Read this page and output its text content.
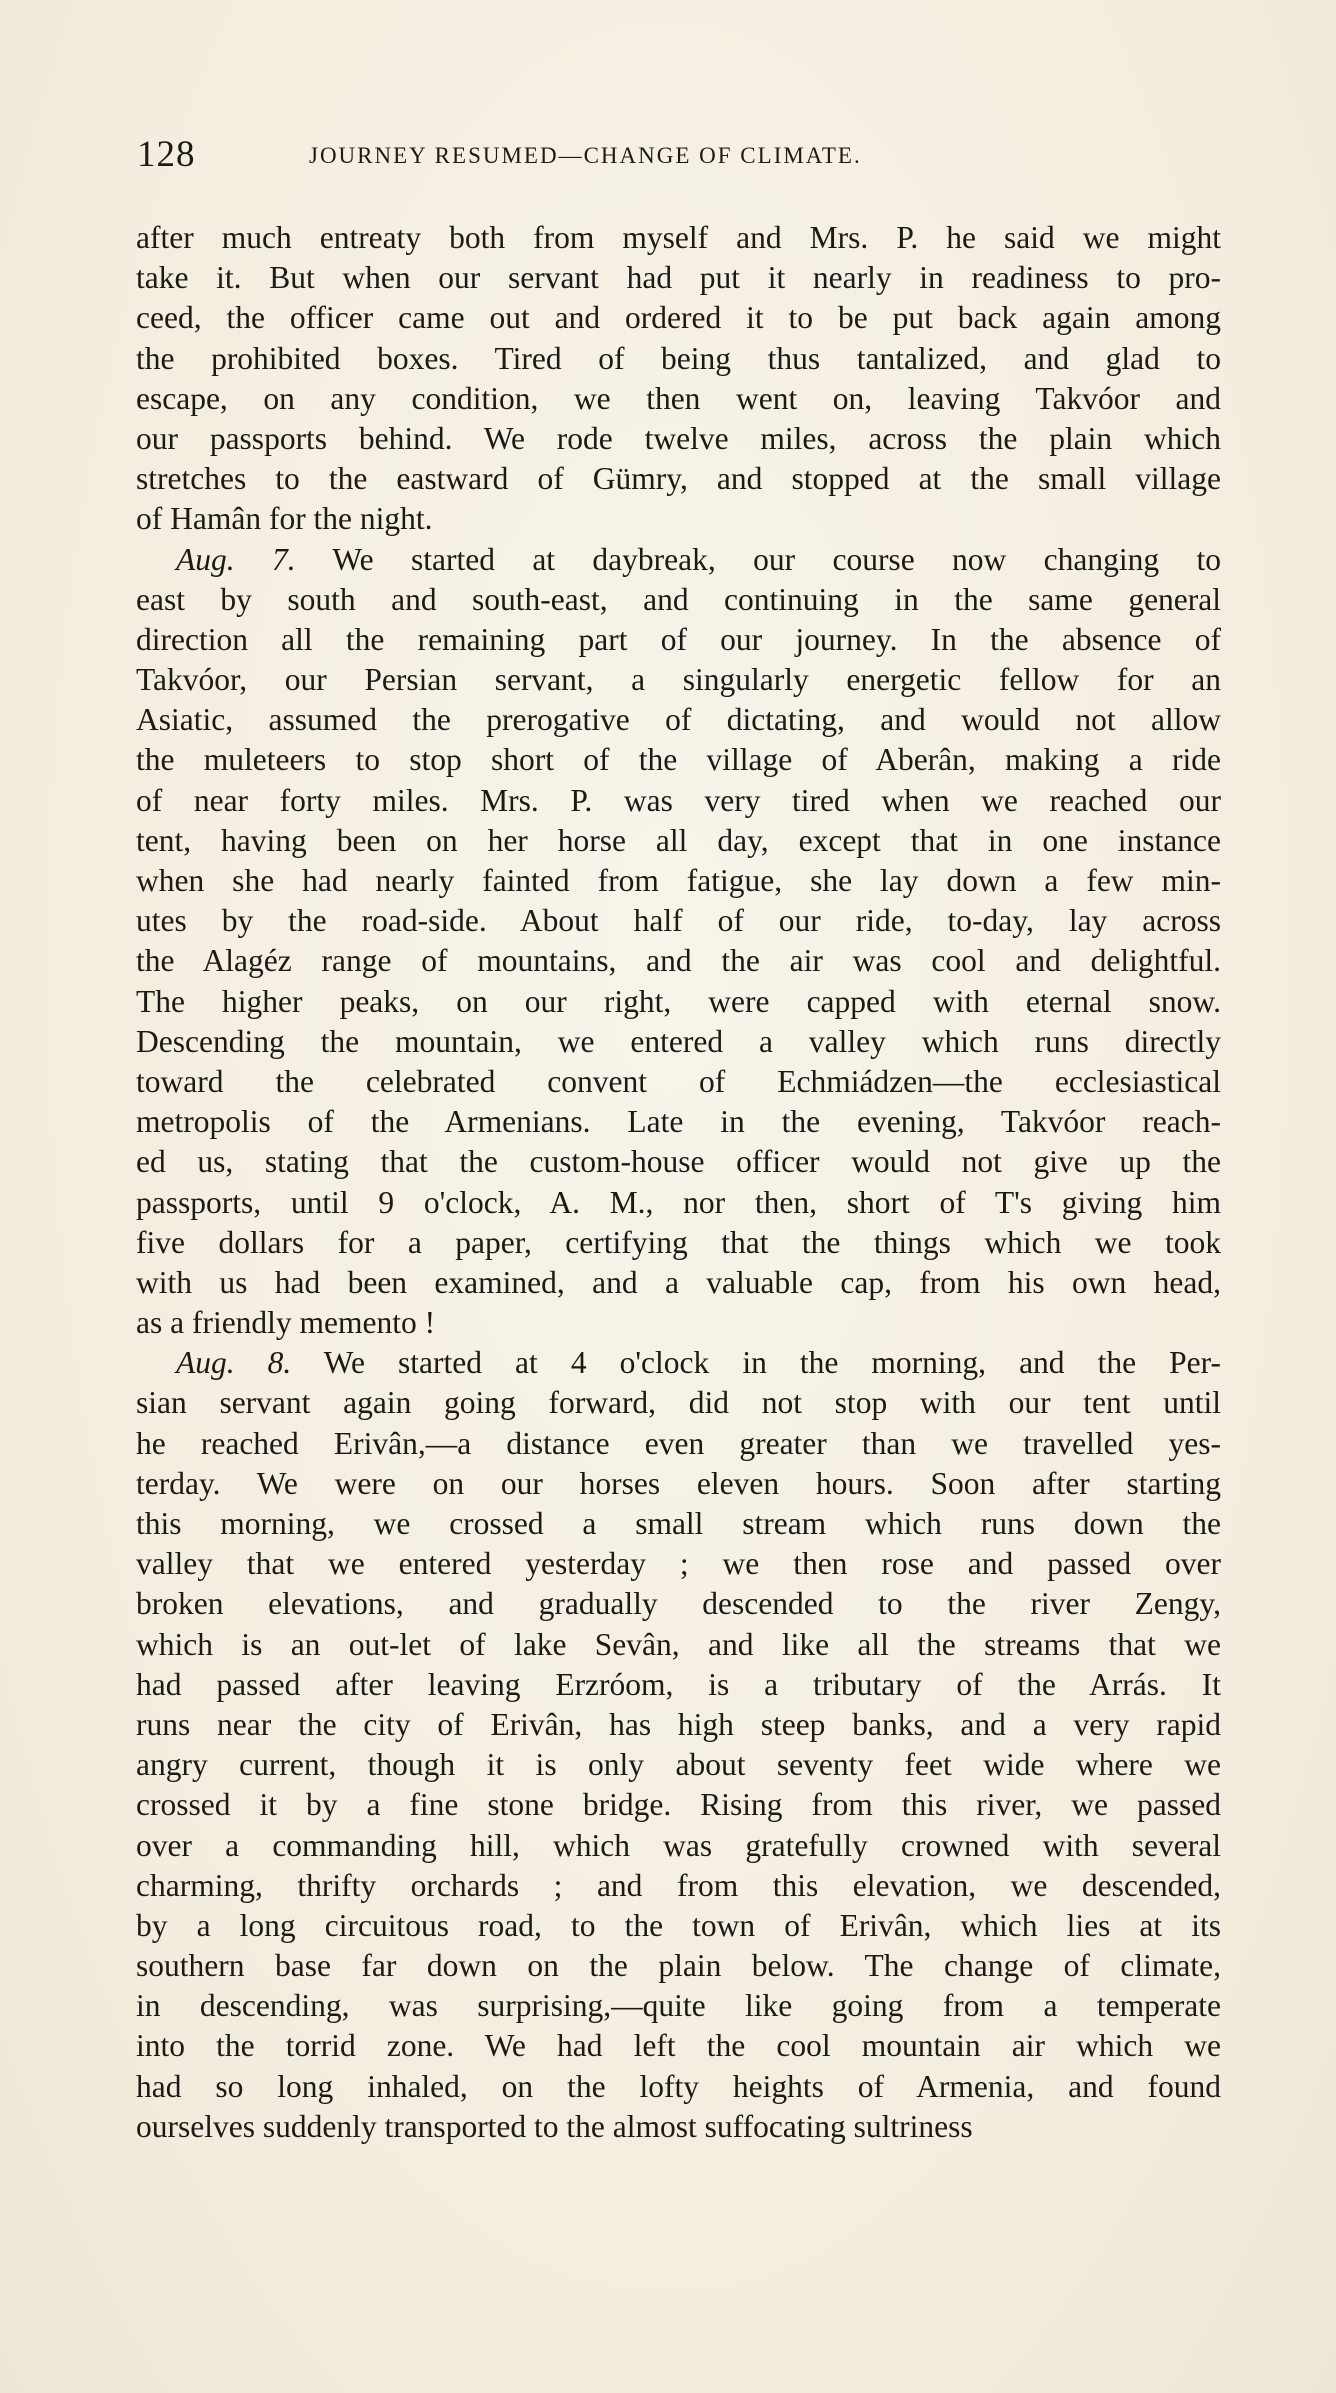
128	JOURNEY RESUMED—CHANGE OF CLIMATE.
after much entreaty both from myself and Mrs. P. he said we might
take it. But when our servant had put it nearly in readiness to pro-
ceed, the officer came out and ordered it to be put back again among
the prohibited boxes. Tired of being thus tantalized, and glad to
escape, on any condition, we then went on, leaving Takvóor and
our passports behind. We rode twelve miles, across the plain which
stretches to the eastward of Gümry, and stopped at the small village
of Hamân for the night.
Aug. 7. We started at daybreak, our course now changing to
east by south and south-east, and continuing in the same general
direction all the remaining part of our journey. In the absence of
Takvóor, our Persian servant, a singularly energetic fellow for an
Asiatic, assumed the prerogative of dictating, and would not allow
the muleteers to stop short of the village of Aberân, making a ride
of near forty miles. Mrs. P. was very tired when we reached our
tent, having been on her horse all day, except that in one instance
when she had nearly fainted from fatigue, she lay down a few min-
utes by the road-side. About half of our ride, to-day, lay across
the Alagéz range of mountains, and the air was cool and delightful.
The higher peaks, on our right, were capped with eternal snow.
Descending the mountain, we entered a valley which runs directly
toward the celebrated convent of Echmiádzen—the ecclesiastical
metropolis of the Armenians. Late in the evening, Takvóor reach-
ed us, stating that the custom-house officer would not give up the
passports, until 9 o'clock, A. M., nor then, short of T's giving him
five dollars for a paper, certifying that the things which we took
with us had been examined, and a valuable cap, from his own head,
as a friendly memento !
Aug. 8. We started at 4 o'clock in the morning, and the Per-
sian servant again going forward, did not stop with our tent until
he reached Erivân,—a distance even greater than we travelled yes-
terday. We were on our horses eleven hours. Soon after starting
this morning, we crossed a small stream which runs down the
valley that we entered yesterday ; we then rose and passed over
broken elevations, and gradually descended to the river Zengy,
which is an out-let of lake Sevân, and like all the streams that we
had passed after leaving Erzróom, is a tributary of the Arrás. It
runs near the city of Erivân, has high steep banks, and a very rapid
angry current, though it is only about seventy feet wide where we
crossed it by a fine stone bridge. Rising from this river, we passed
over a commanding hill, which was gratefully crowned with several
charming, thrifty orchards ; and from this elevation, we descended,
by a long circuitous road, to the town of Erivân, which lies at its
southern base far down on the plain below. The change of climate,
in descending, was surprising,—quite like going from a temperate
into the torrid zone. We had left the cool mountain air which we
had so long inhaled, on the lofty heights of Armenia, and found
ourselves suddenly transported to the almost suffocating sultriness
